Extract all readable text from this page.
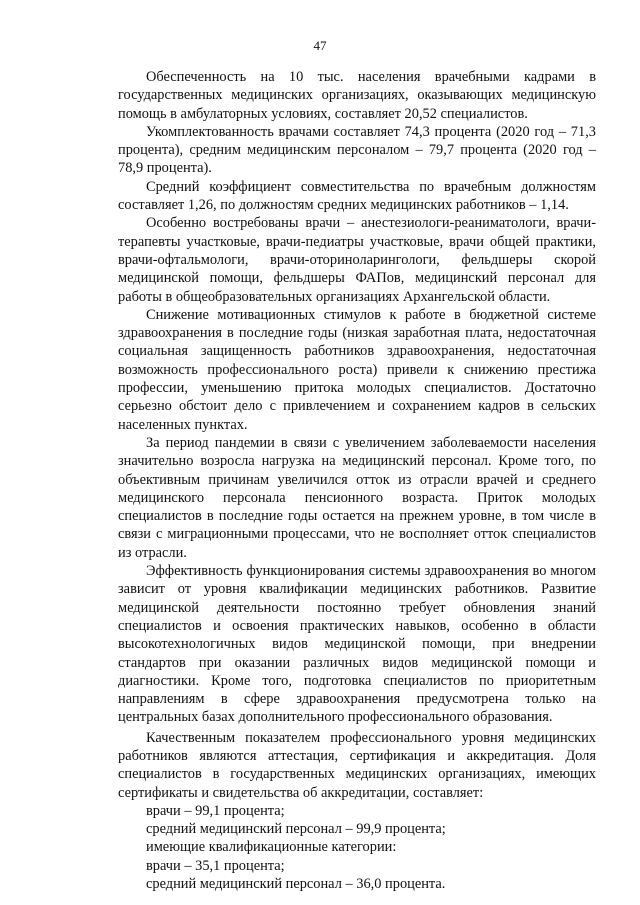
47

Обеспеченность на 10 тыс. населения врачебными кадрами в государственных медицинских организациях, оказывающих медицинскую помощь в амбулаторных условиях, составляет 20,52 специалистов.

Укомплектованность врачами составляет 74,3 процента (2020 год – 71,3 процента), средним медицинским персоналом – 79,7 процента (2020 год – 78,9 процента).

Средний коэффициент совместительства по врачебным должностям составляет 1,26, по должностям средних медицинских работников – 1,14.

Особенно востребованы врачи – анестезиологи-реаниматологи, врачи-терапевты участковые, врачи-педиатры участковые, врачи общей практики, врачи-офтальмологи, врачи-оториноларингологи, фельдшеры скорой медицинской помощи, фельдшеры ФАПов, медицинский персонал для работы в общеобразовательных организациях Архангельской области.

Снижение мотивационных стимулов к работе в бюджетной системе здравоохранения в последние годы (низкая заработная плата, недостаточная социальная защищенность работников здравоохранения, недостаточная возможность профессионального роста) привели к снижению престижа профессии, уменьшению притока молодых специалистов. Достаточно серьезно обстоит дело с привлечением и сохранением кадров в сельских населенных пунктах.

За период пандемии в связи с увеличением заболеваемости населения значительно возросла нагрузка на медицинский персонал. Кроме того, по объективным причинам увеличился отток из отрасли врачей и среднего медицинского персонала пенсионного возраста. Приток молодых специалистов в последние годы остается на прежнем уровне, в том числе в связи с миграционными процессами, что не восполняет отток специалистов из отрасли.

Эффективность функционирования системы здравоохранения во многом зависит от уровня квалификации медицинских работников. Развитие медицинской деятельности постоянно требует обновления знаний специалистов и освоения практических навыков, особенно в области высокотехнологичных видов медицинской помощи, при внедрении стандартов при оказании различных видов медицинской помощи и диагностики. Кроме того, подготовка специалистов по приоритетным направлениям в сфере здравоохранения предусмотрена только на центральных базах дополнительного профессионального образования.

Качественным показателем профессионального уровня медицинских работников являются аттестация, сертификация и аккредитация. Доля специалистов в государственных медицинских организациях, имеющих сертификаты и свидетельства об аккредитации, составляет:

врачи – 99,1 процента;

средний медицинский персонал – 99,9 процента;

имеющие квалификационные категории:

врачи – 35,1 процента;

средний медицинский персонал – 36,0 процента.
